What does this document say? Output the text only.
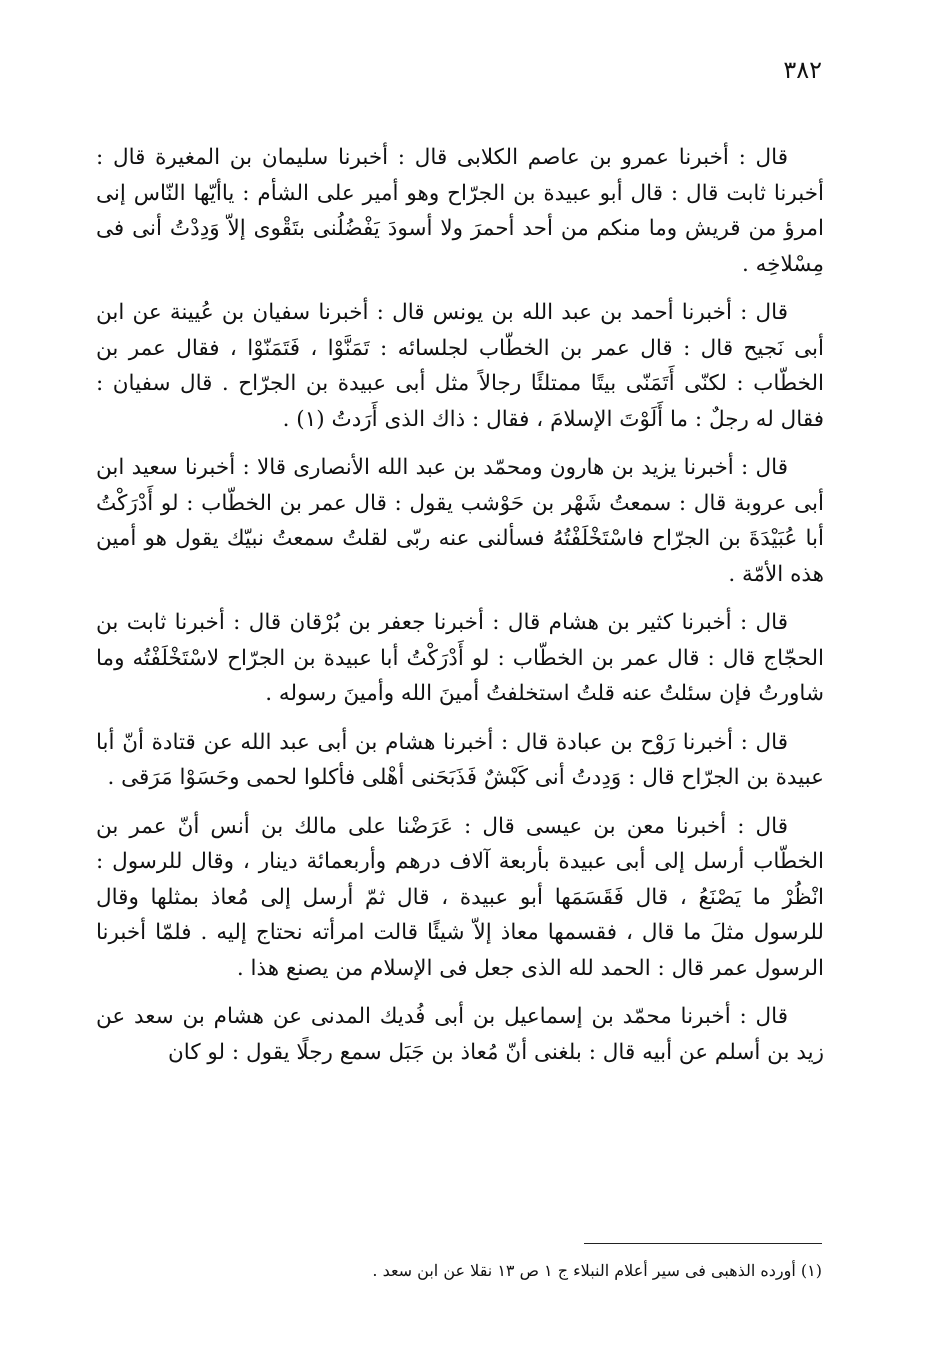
٣٨٢

قال : أخبرنا عمرو بن عاصم الكلابى قال : أخبرنا سليمان بن المغيرة قال : أخبرنا ثابت قال : قال أبو عبيدة بن الجرّاح وهو أمير على الشأم : ياأيّها النّاس إنى امرؤ من قريش وما منكم من أحد أحمرَ ولا أسودَ يَفْضُلُنى بتَقْوى إلاّ وَدِدْتُ أنى فى مِسْلاخِه .

قال : أخبرنا أحمد بن عبد الله بن يونس قال : أخبرنا سفيان بن عُيينة عن ابن أبى نَجيح قال : قال عمر بن الخطّاب لجلسائه : تَمَنَّوْا ، فَتَمَنّوْا ، فقال عمر بن الخطّاب : لكنّى أَتَمَنّى بيتًا ممتلئًا رجالاً مثل أبى عبيدة بن الجرّاح . قال سفيان : فقال له رجلٌ : ما أَلَوْتَ الإسلامَ ، فقال : ذاك الذى أَرَدتُ (١) .

قال : أخبرنا يزيد بن هارون ومحمّد بن عبد الله الأنصارى قالا : أخبرنا سعيد ابن أبى عروبة قال : سمعتُ شَهْر بن حَوْشب يقول : قال عمر بن الخطّاب : لو أَدْرَكْتُ أبا عُبَيْدَةَ بن الجرّاح فاسْتَخْلَفْتُهُ فسألنى عنه ربّى لقلتُ سمعتُ نبيّك يقول هو أمين هذه الأمّة .

قال : أخبرنا كثير بن هشام قال : أخبرنا جعفر بن بُرْقان قال : أخبرنا ثابت بن الحجّاج قال : قال عمر بن الخطّاب : لو أَدْرَكْتُ أبا عبيدة بن الجرّاح لاسْتَخْلَفْتُه وما شاورتُ فإن سئلتُ عنه قلتُ استخلفتُ أمينَ الله وأمينَ رسوله .

قال : أخبرنا رَوْح بن عبادة قال : أخبرنا هشام بن أبى عبد الله عن قتادة أنّ أبا عبيدة بن الجرّاح قال : وَدِدتُ أنى كَبْشٌ فَذَبَحَنى أهْلى فأكلوا لحمى وحَسَوْا مَرَقى .

قال : أخبرنا معن بن عيسى قال : عَرَضْنا على مالك بن أنس أنّ عمر بن الخطّاب أرسل إلى أبى عبيدة بأربعة آلاف درهم وأربعمائة دينار ، وقال للرسول : انْظُرْ ما يَصْنَعُ ، قال فَقَسَمَها أبو عبيدة ، قال ثمّ أرسل إلى مُعاذ بمثلها وقال للرسول مثلَ ما قال ، فقسمها معاذ إلاّ شيئًا قالت امرأته نحتاج إليه . فلمّا أخبرنا الرسول عمر قال : الحمد لله الذى جعل فى الإسلام من يصنع هذا .

قال : أخبرنا محمّد بن إسماعيل بن أبى فُديك المدنى عن هشام بن سعد عن زيد بن أسلم عن أبيه قال : بلغنى أنّ مُعاذ بن جَبَل سمع رجلًا يقول : لو كان

(١) أورده الذهبى فى سير أعلام النبلاء ج ١ ص ١٣ نقلا عن ابن سعد .
